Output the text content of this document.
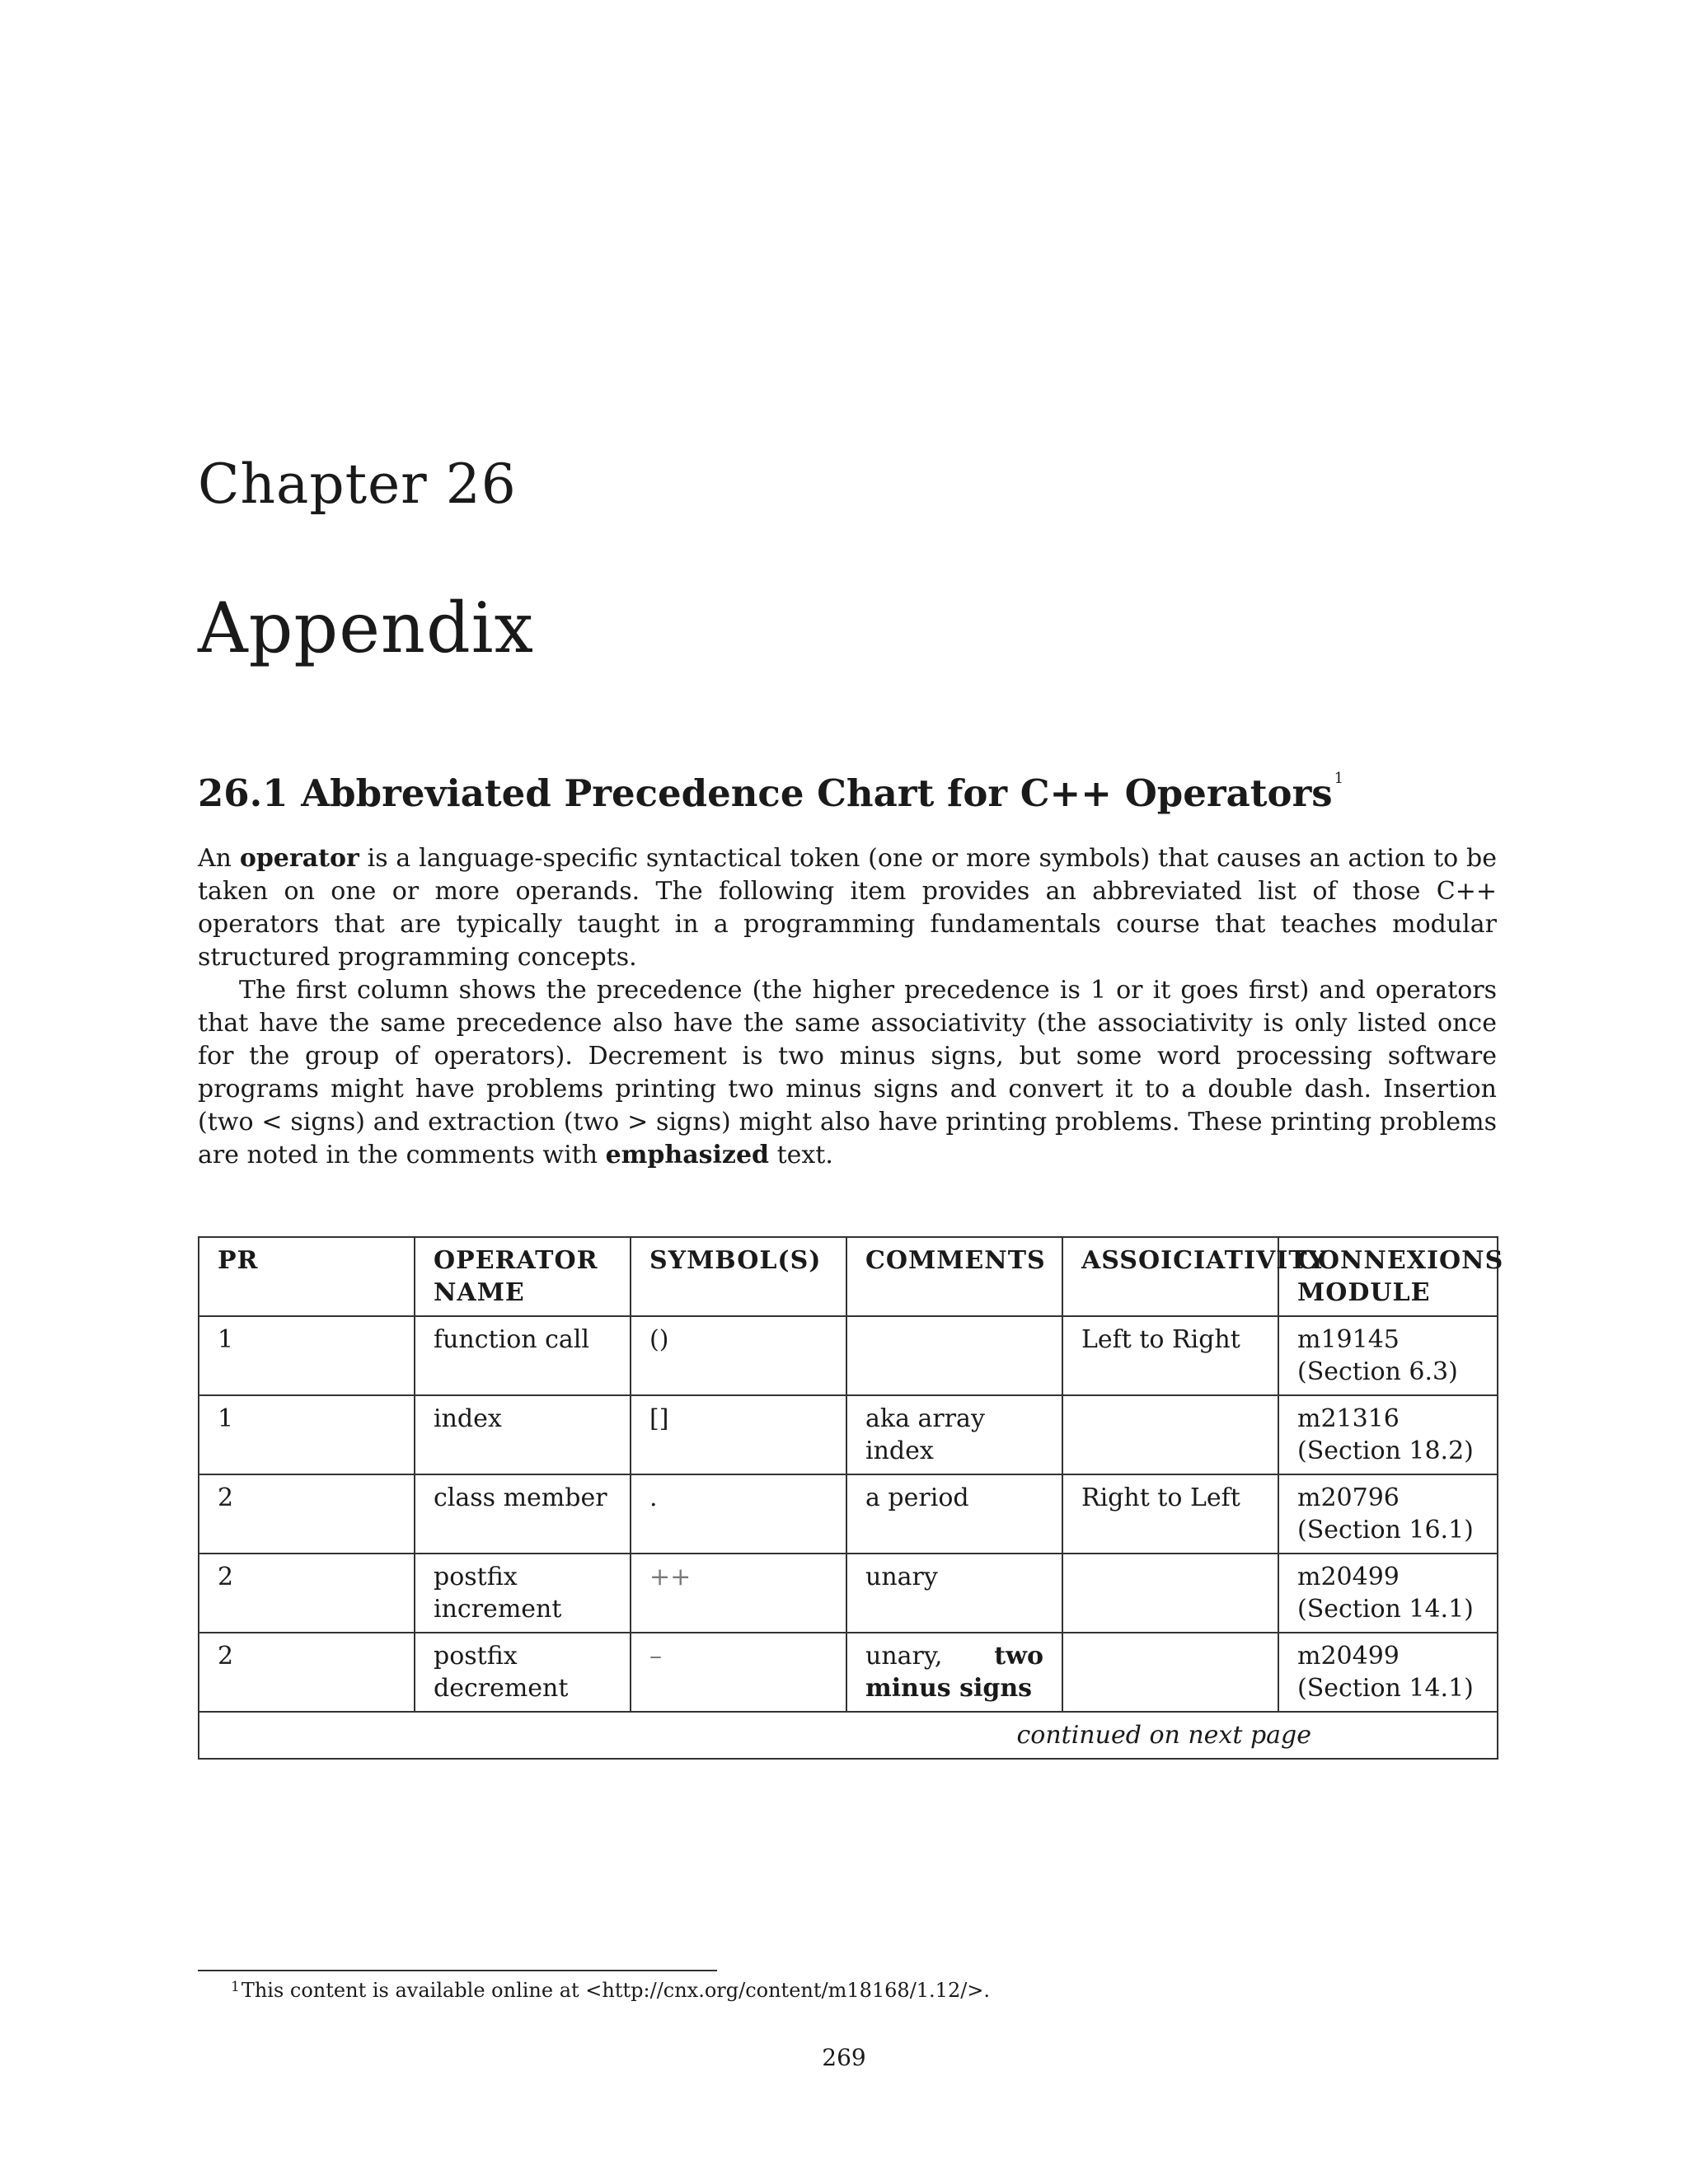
Chapter 26
Appendix
26.1 Abbreviated Precedence Chart for C++ Operators $^1$

An operator is a language-specific syntactical token (one or more symbols) that causes an action to be taken on one or more operands. The following item provides an abbreviated list of those C++ operators that are typically taught in a programming fundamentals course that teaches modular structured programming concepts.

The first column shows the precedence (the higher precedence is 1 or it goes first) and operators that have the same precedence also have the same associativity (the associativity is only listed once for the group of operators). Decrement is two minus signs, but some word processing software programs might have problems printing two minus signs and convert it to a double dash. Insertion (two < signs) and extraction (two > signs) might also have printing problems. These printing problems are noted in the comments with emphasized text.

PR	OPERATOR NAME	SYMBOL(S)	COMMENTS	ASSOICIATIVITY	CONNEXIONS MODULE
1	function call	()		Left to Right	m19145 (Section 6.3)
1	index	[]	aka array index		m21316 (Section 18.2)
2	class member	.	a period	Right to Left	m20796 (Section 16.1)
2	postfix increment	++	unary		m20499 (Section 14.1)
2	postfix decrement	–	unary, two minus signs		m20499 (Section 14.1)
continued on next page					
$^1$This content is available online at <http://cnx.org/content/m18168/1.12/>.
269
